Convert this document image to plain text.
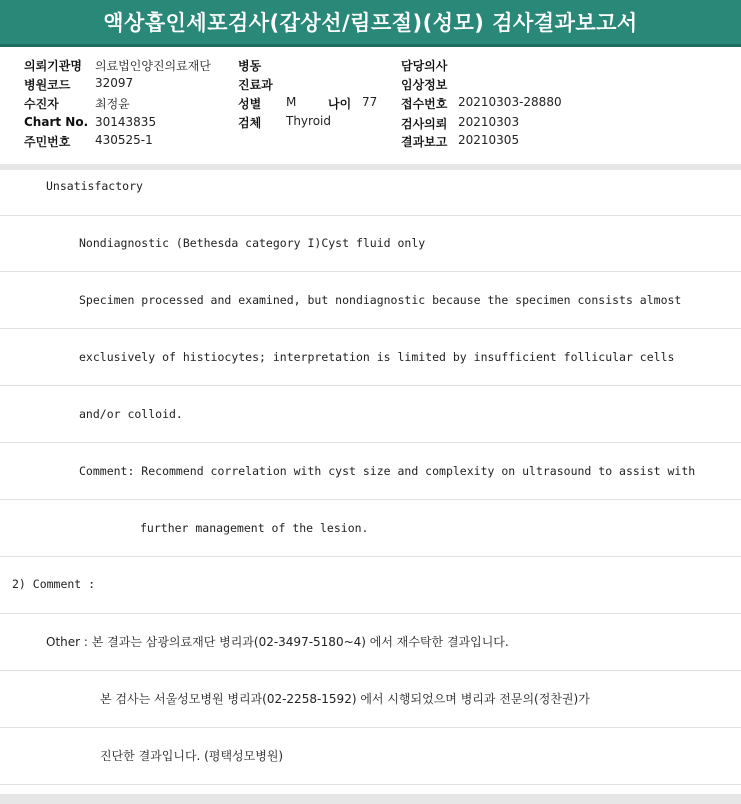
액상흡인세포검사(갑상선/림프절)(성모) 검사결과보고서
의뢰기관명 의료법인양진의료재단
병원코드 32097
수진자	최정윤
Chart No. 30143835
주민번호 430525-1
병동
진료과
성별 M	나이 77
검체 Thyroid
담당의사
임상정보
접수번호 20210303-28880
검사의뢰 20210303
결과보고 20210305

Unsatisfactory

Nondiagnostic (Bethesda category I)Cyst fluid only

Specimen processed and examined, but nondiagnostic because the specimen consists almost

exclusively of histiocytes; interpretation is limited by insufficient follicular cells

and/or colloid.

Comment: Recommend correlation with cyst size and complexity on ultrasound to assist with

further management of the lesion.

2) Comment :

Other : 본 결과는 삼광의료재단 병리과(02-3497-5180~4) 에서 재수탁한 결과입니다.

본 검사는 서울성모병원 병리과(02-2258-1592) 에서 시행되었으며 병리과 전문의(정찬권)가

진단한 결과입니다. (평택성모병원)
